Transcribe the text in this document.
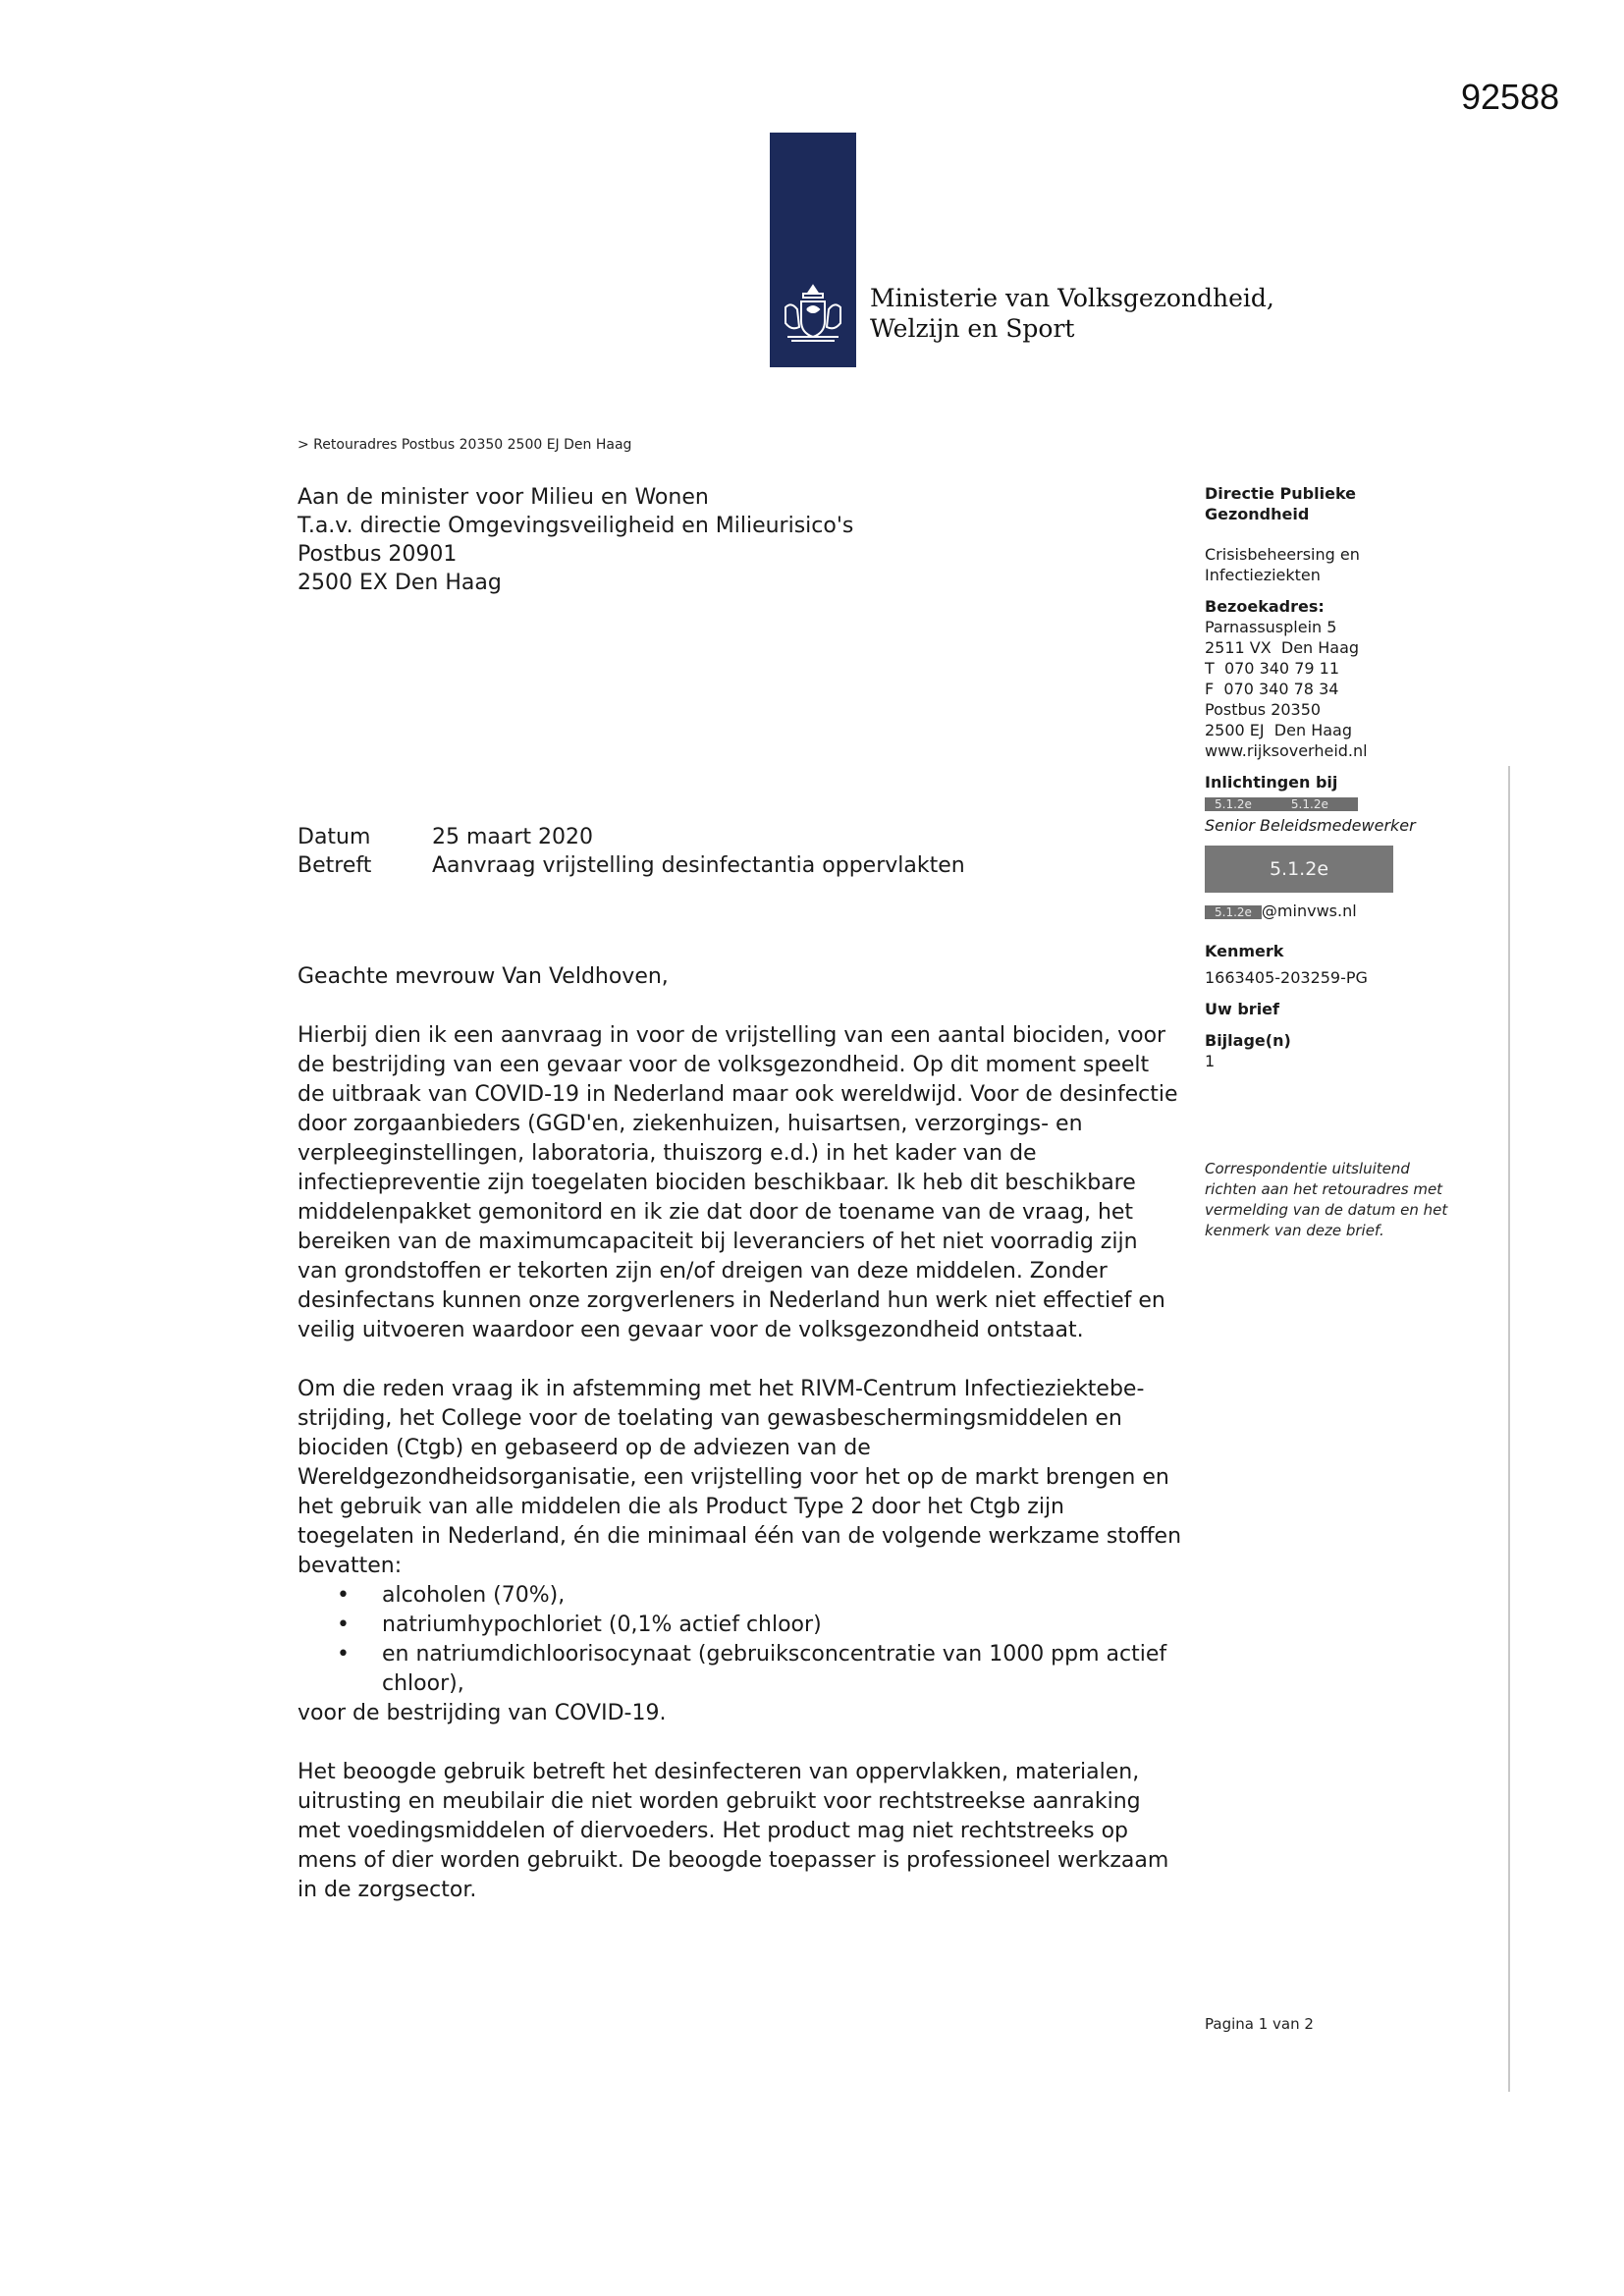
92588
Ministerie van Volksgezondheid,
Welzijn en Sport
> Retouradres Postbus 20350 2500 EJ Den Haag
Aan de minister voor Milieu en Wonen
T.a.v. directie Omgevingsveiligheid en Milieurisico's
Postbus 20901
2500 EX Den Haag
Datum	25 maart 2020
Betreft	Aanvraag vrijstelling desinfectantia oppervlakten
Directie Publieke Gezondheid
Crisisbeheersing en Infectieziekten
Bezoekadres:
Parnassusplein 5
2511 VX  Den Haag
T  070 340 79 11
F  070 340 78 34
Postbus 20350
2500 EJ  Den Haag
www.rijksoverheid.nl
Inlichtingen bij
5.1.2e	5.1.2e
Senior Beleidsmedewerker
5.1.2e
5.1.2e @minvws.nl
Kenmerk
1663405-203259-PG
Uw brief
Bijlage(n)
1
Correspondentie uitsluitend richten aan het retouradres met vermelding van de datum en het kenmerk van deze brief.

Geachte mevrouw Van Veldhoven,

Hierbij dien ik een aanvraag in voor de vrijstelling van een aantal biociden, voor de bestrijding van een gevaar voor de volksgezondheid. Op dit moment speelt de uitbraak van COVID-19 in Nederland maar ook wereldwijd. Voor de desinfectie door zorgaanbieders (GGD'en, ziekenhuizen, huisartsen, verzorgings- en verpleeginstellingen, laboratoria, thuiszorg e.d.) in het kader van de infectiepreventie zijn toegelaten biociden beschikbaar. Ik heb dit beschikbare middelenpakket gemonitord en ik zie dat door de toename van de vraag, het bereiken van de maximumcapaciteit bij leveranciers of het niet voorradig zijn van grondstoffen er tekorten zijn en/of dreigen van deze middelen. Zonder desinfectans kunnen onze zorgverleners in Nederland hun werk niet effectief en veilig uitvoeren waardoor een gevaar voor de volksgezondheid ontstaat.

Om die reden vraag ik in afstemming met het RIVM-Centrum Infectieziektebestrijding, het College voor de toelating van gewasbeschermingsmiddelen en biociden (Ctgb) en gebaseerd op de adviezen van de Wereldgezondheidsorganisatie, een vrijstelling voor het op de markt brengen en het gebruik van alle middelen die als Product Type 2 door het Ctgb zijn toegelaten in Nederland, én die minimaal één van de volgende werkzame stoffen bevatten:
• alcoholen (70%),
• natriumhypochloriet (0,1% actief chloor)
• en natriumdichloorisocynaat (gebruiksconcentratie van 1000 ppm actief chloor),

voor de bestrijding van COVID-19.

Het beoogde gebruik betreft het desinfecteren van oppervlakken, materialen, uitrusting en meubilair die niet worden gebruikt voor rechtstreekse aanraking met voedingsmiddelen of diervoeders. Het product mag niet rechtstreeks op mens of dier worden gebruikt. De beoogde toepasser is professioneel werkzaam in de zorgsector.

Pagina 1 van 2
